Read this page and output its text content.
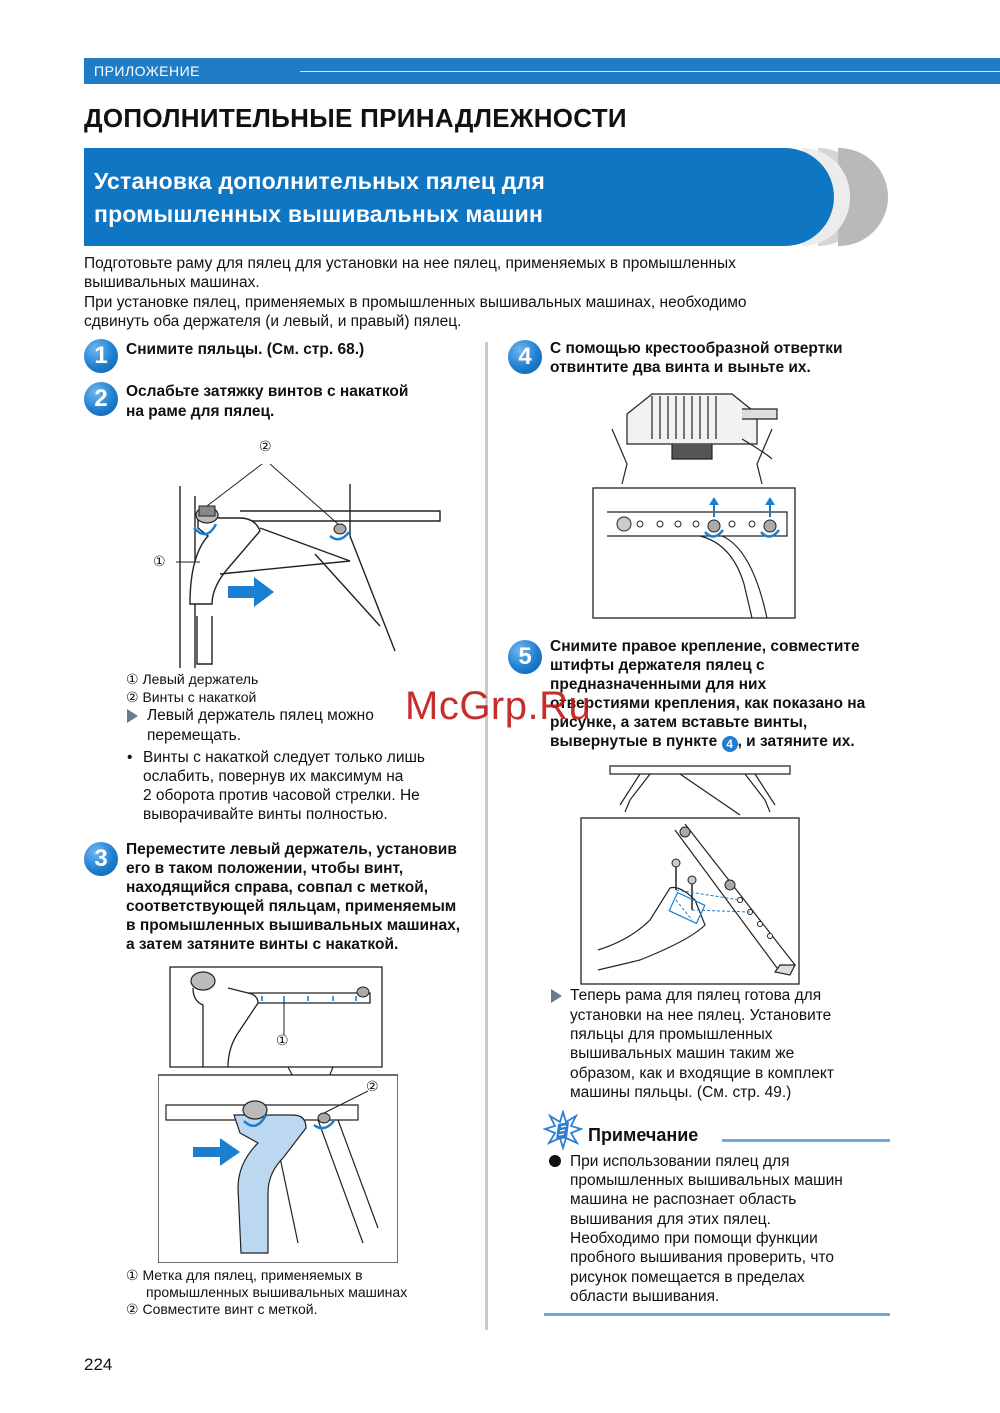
ПРИЛОЖЕНИЕ
ДОПОЛНИТЕЛЬНЫЕ ПРИНАДЛЕЖНОСТИ
Установка дополнительных пялец для
промышленных вышивальных машин
Подготовьте раму для пялец для установки на нее пялец, применяемых в промышленных
вышивальных машинах.
При установке пялец, применяемых в промышленных вышивальных машинах, необходимо
сдвинуть оба держателя (и левый, и правый) пялец.
1	Снимите пяльцы. (См. стр. 68.)
2	Ослабьте затяжку винтов с накаткой
на раме для пялец.
②
①
① Левый держатель
② Винты с накаткой
Левый держатель пялец можно
перемещать.
• Винты с накаткой следует только лишь
ослабить, повернув их максимум на
2 оборота против часовой стрелки. Не
выворачивайте винты полностью.
3	Переместите левый держатель, установив
его в таком положении, чтобы винт,
находящийся справа, совпал с меткой,
соответствующей пяльцам, применяемым
в промышленных вышивальных машинах,
а затем затяните винты с накаткой.
①
②
① Метка для пялец, применяемых в
промышленных вышивальных машинах
② Совместите винт с меткой.
4	С помощью крестообразной отвертки
отвинтите два винта и выньте их.
5	Снимите правое крепление, совместите
штифты держателя пялец с
предназначенными для них
отверстиями крепления, как показано на
рисунке, а затем вставьте винты,
вывернутые в пункте 4 , и затяните их.
Теперь рама для пялец готова для
установки на нее пялец. Установите
пяльцы для промышленных
вышивальных машин таким же
образом, как и входящие в комплект
машины пяльцы. (См. стр. 49.)
Примечание
При использовании пялец для
промышленных вышивальных машин
машина не распознает область
вышивания для этих пялец.
Необходимо при помощи функции
пробного вышивания проверить, что
рисунок помещается в пределах
области вышивания.
McGrp.Ru
224
